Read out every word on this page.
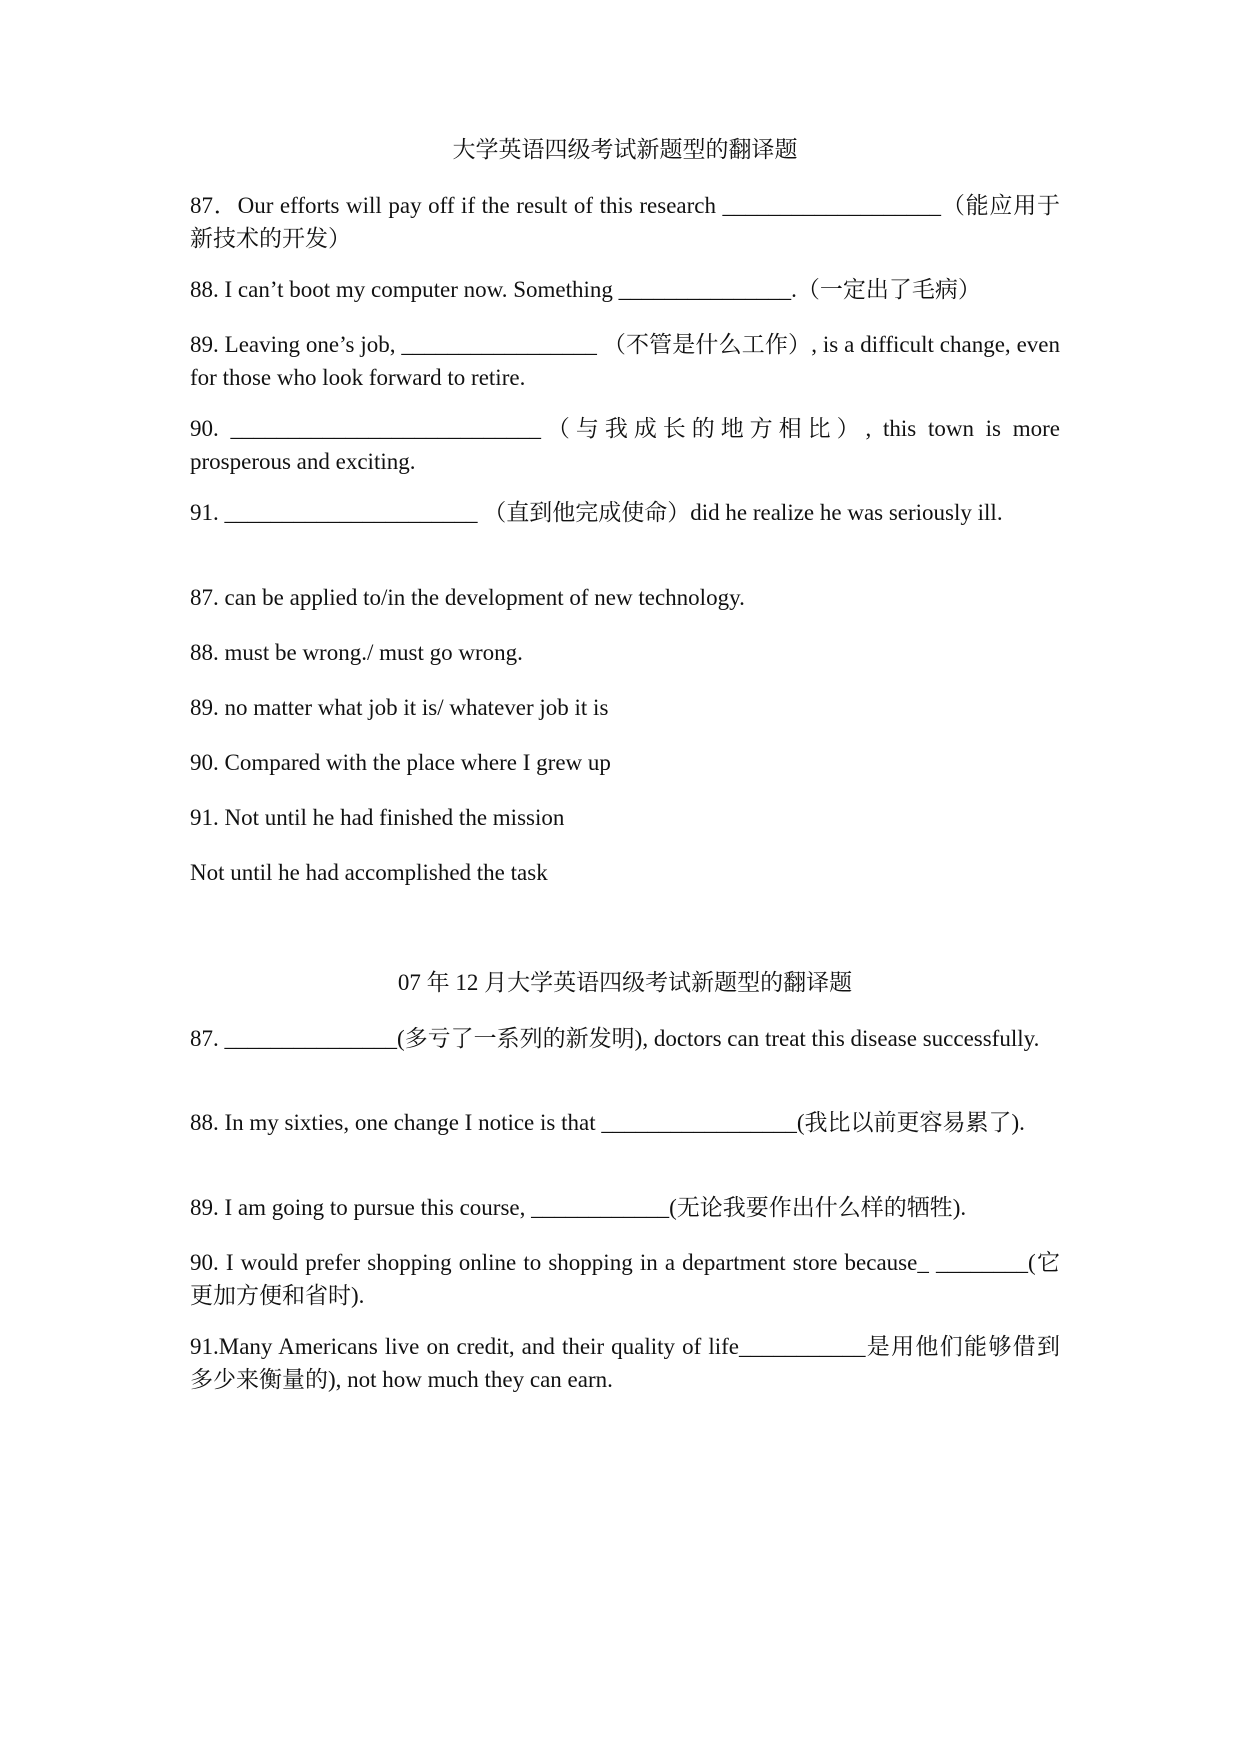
大学英语四级考试新题型的翻译题
87．Our efforts will pay off if the result of this research ___________________（能应用于新技术的开发）
88. I can’t boot my computer now. Something _______________.（一定出了毛病）
89. Leaving one’s job, _________________ （不管是什么工作）, is a difficult change, even for those who look forward to retire.
90. ___________________________（与我成长的地方相比）, this town is more prosperous and exciting.
91. ______________________ （直到他完成使命）did he realize he was seriously ill.
87. can be applied to/in the development of new technology.
88. must be wrong./ must go wrong.
89. no matter what job it is/ whatever job it is
90. Compared with the place where I grew up
91. Not until he had finished the mission
Not until he had accomplished the task
07 年 12 月大学英语四级考试新题型的翻译题
87. _______________(多亏了一系列的新发明), doctors can treat this disease successfully.
88. In my sixties, one change I notice is that _________________(我比以前更容易累了).
89. I am going to pursue this course, ____________(无论我要作出什么样的牺牲).
90. I would prefer shopping online to shopping in a department store because_ ________(它更加方便和省时).
91.Many Americans live on credit, and their quality of life___________是用他们能够借到多少来衡量的), not how much they can earn.
